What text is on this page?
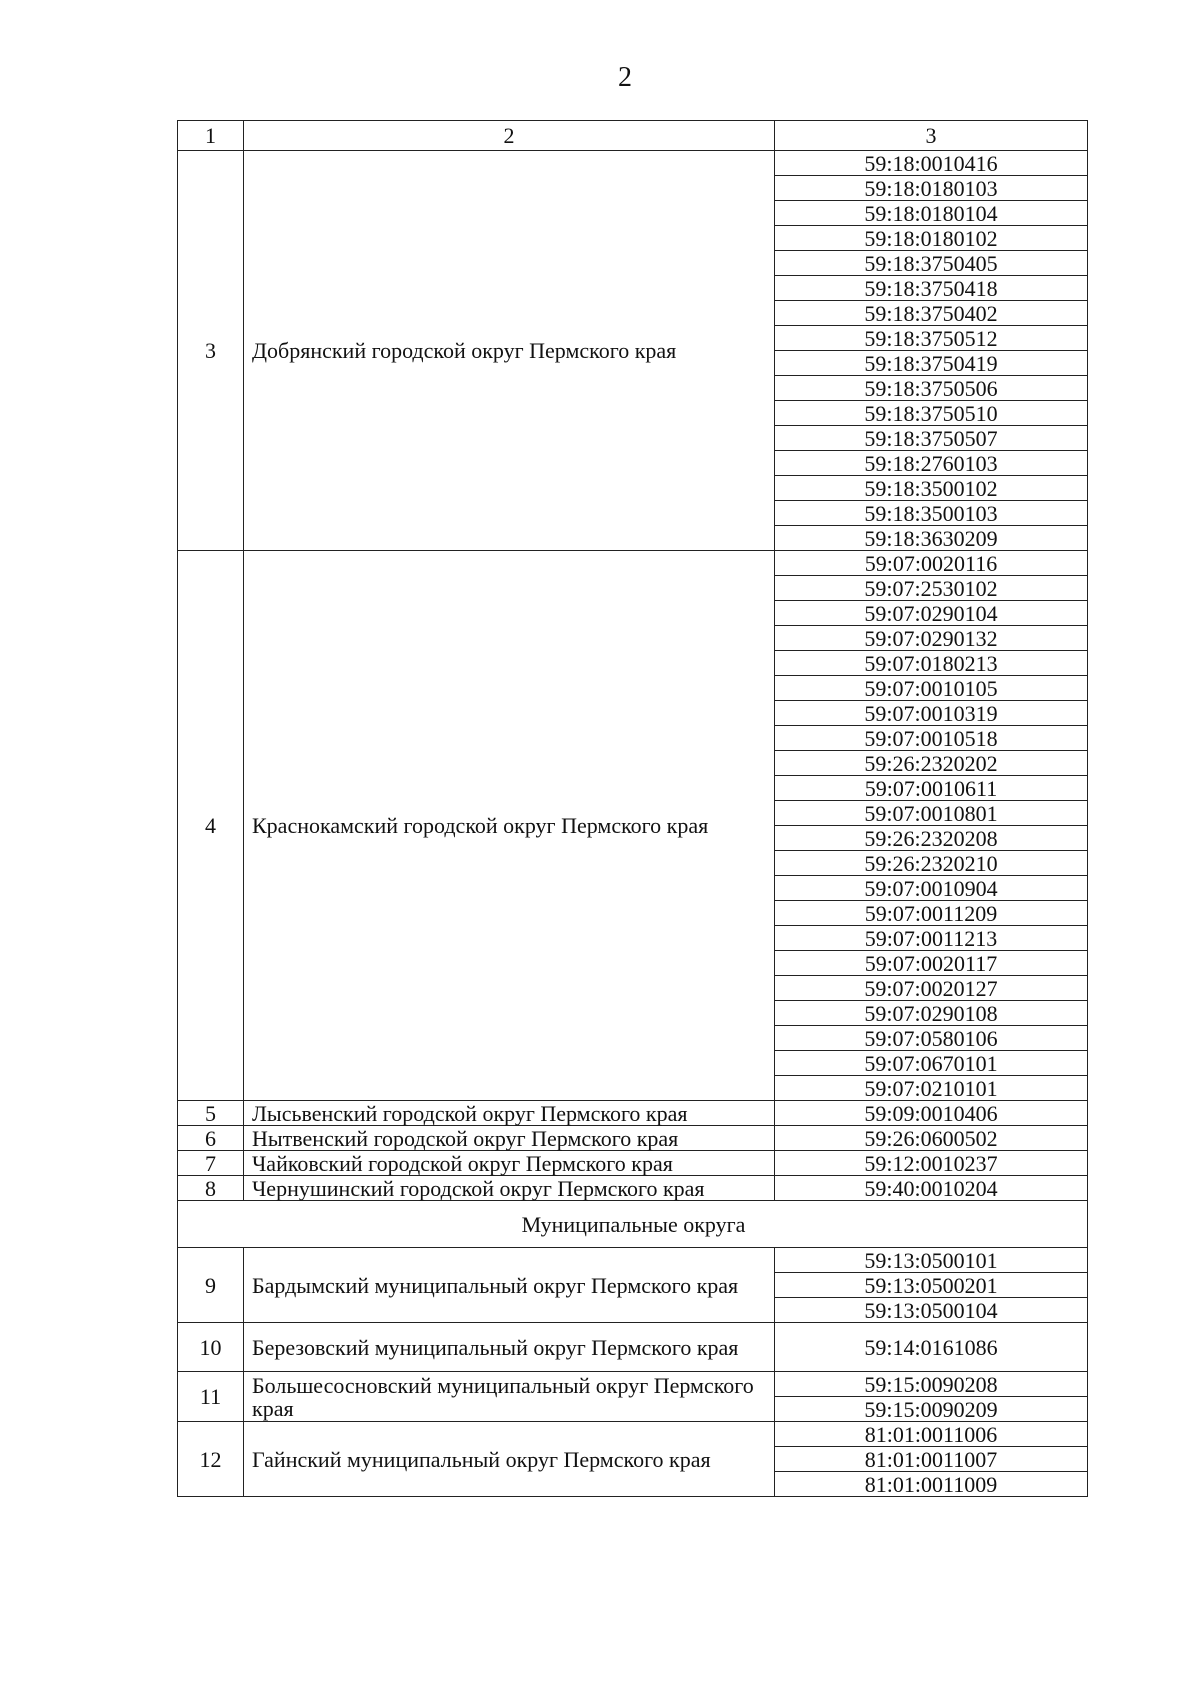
2
1	2	3
3	Добрянский городской округ Пермского края	59:18:0010416
		59:18:0180103
		59:18:0180104
		59:18:0180102
		59:18:3750405
		59:18:3750418
		59:18:3750402
		59:18:3750512
		59:18:3750419
		59:18:3750506
		59:18:3750510
		59:18:3750507
		59:18:2760103
		59:18:3500102
		59:18:3500103
		59:18:3630209
4	Краснокамский городской округ Пермского края	59:07:0020116
		59:07:2530102
		59:07:0290104
		59:07:0290132
		59:07:0180213
		59:07:0010105
		59:07:0010319
		59:07:0010518
		59:26:2320202
		59:07:0010611
		59:07:0010801
		59:26:2320208
		59:26:2320210
		59:07:0010904
		59:07:0011209
		59:07:0011213
		59:07:0020117
		59:07:0020127
		59:07:0290108
		59:07:0580106
		59:07:0670101
		59:07:0210101
5	Лысьвенский городской округ Пермского края	59:09:0010406
6	Нытвенский городской округ Пермского края	59:26:0600502
7	Чайковский городской округ Пермского края	59:12:0010237
8	Чернушинский городской округ Пермского края	59:40:0010204
Муниципальные округа		
9	Бардымский муниципальный округ Пермского края	59:13:0500101
		59:13:0500201
		59:13:0500104
10	Березовский муниципальный округ Пермского края	59:14:0161086
11	Большесосновский муниципальный округ Пермского края	59:15:0090208
		59:15:0090209
12	Гайнский муниципальный округ Пермского края	81:01:0011006
		81:01:0011007
		81:01:0011009
